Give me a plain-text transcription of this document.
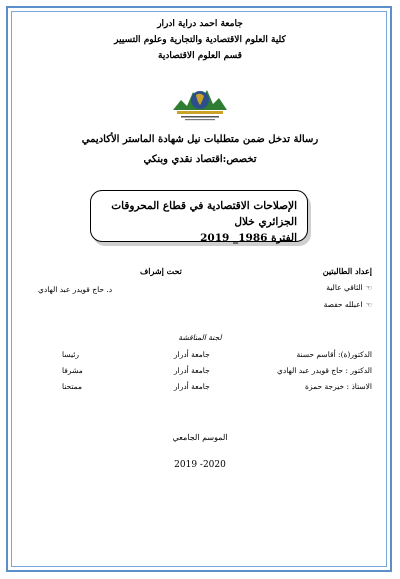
جامعة احمد دراية ادرار
كلية العلوم الاقتصادية والتجارية وعلوم التسيير
قسم العلوم الاقتصادية
رسالة تدخل ضمن متطلبات نيل شهادة الماستر الأكاديمي
تخصص:اقتصاد نقدي وبنكي
الإصلاحات الاقتصادية في قطاع المحروقات الجزائري خلال
الفترة 1986_ 2019
إعداد الطالبتين
☜الثاقي عالية
☜اعبلله حفصة
تحت إشراف
د. حاج قويدر عبد الهادي
لجنة المناقشة
الدكتور(ة): أقاسم حسنة
جامعة أدرار
رئيسا
الدكتور : حاج قويدر عبد الهادي
جامعة أدرار
مشرفا
الاستاذ : خيرجة حمزة
جامعة أدرار
ممتحنا
الموسم الجامعي
2019 -2020
